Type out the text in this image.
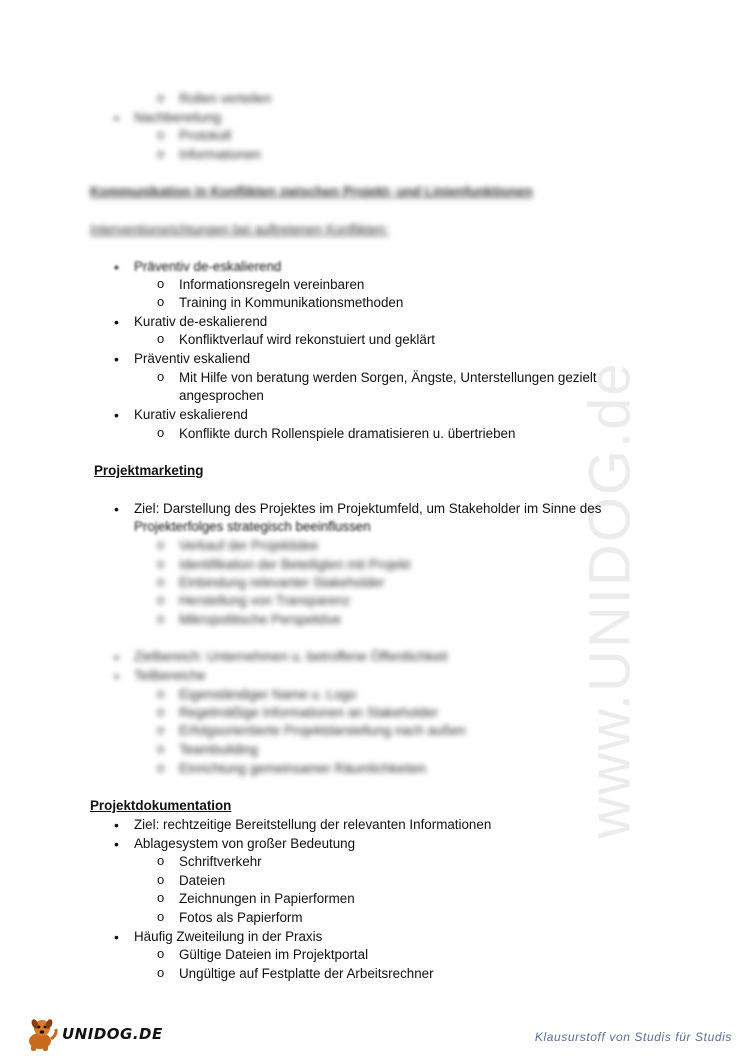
www.UNIDOG.de
o Rollen verteilen
• Nachbereitung
o Protokoll
o Informationen
Kommunikation in Konflikten zwischen Projekt- und Linienfunktionen
Interventionsrichtungen bei auftretenen Konflikten:
• Präventiv de-eskalierend
o Informationsregeln vereinbaren
o Training in Kommunikationsmethoden
• Kurativ de-eskalierend
o Konfliktverlauf wird rekonstuiert und geklärt
• Präventiv eskaliend
o Mit Hilfe von beratung werden Sorgen, Ängste, Unterstellungen gezielt
angesprochen
• Kurativ eskalierend
o Konflikte durch Rollenspiele dramatisieren u. übertrieben
Projektmarketing
• Ziel: Darstellung des Projektes im Projektumfeld, um Stakeholder im Sinne des
Projekterfolges strategisch beeinflussen
o Verkauf der Projektidee
o Identifikation der Beteiligten mit Projekt
o Einbindung relevanter Stakeholder
o Herstellung von Transparenz
o Mikropolitische Perspektive
• Zielbereich: Unternehmen u. betroffene Öffentlichkeit
• Teilbereiche
o Eigenständiger Name u. Logo
o Regelmäßige Informationen an Stakeholder
o Erfolgsorientierte Projektdarstellung nach außen
o Teambuilding
o Einrichtung gemeinsamer Räumlichkeiten
Projektdokumentation
• Ziel: rechtzeitige Bereitstellung der relevanten Informationen
• Ablagesystem von großer Bedeutung
o Schriftverkehr
o Dateien
o Zeichnungen in Papierformen
o Fotos als Papierform
• Häufig Zweiteilung in der Praxis
o Gültige Dateien im Projektportal
o Ungültige auf Festplatte der Arbeitsrechner
UNIDOG.DE	Klausurstoff von Studis für Studis
